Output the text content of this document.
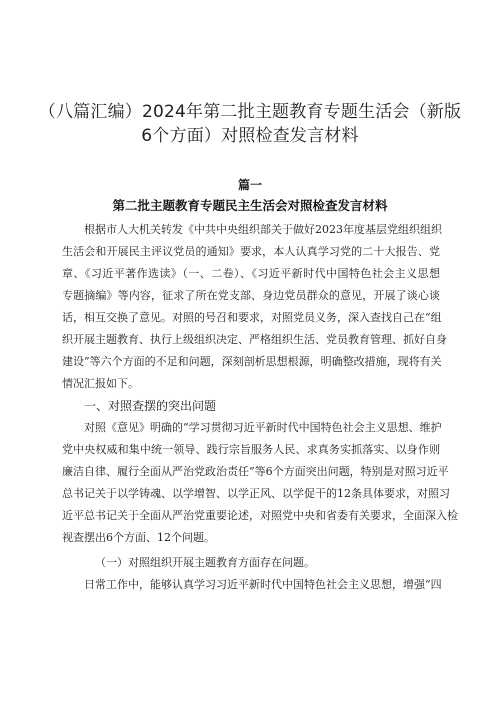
（八篇汇编）2024年第二批主题教育专题生活会（新版
6个方面）对照检查发言材料
篇一
第二批主题教育专题民主生活会对照检查发言材料
根据市人大机关转发《中共中央组织部关于做好2023年度基层党组织组织
生活会和开展民主评议党员的通知》要求，本人认真学习党的二十大报告、党
章、《习近平著作选读》（一、二卷）、《习近平新时代中国特色社会主义思想
专题摘编》等内容，征求了所在党支部、身边党员群众的意见，开展了谈心谈
话，相互交换了意见。对照的号召和要求，对照党员义务，深入查找自己在“组
织开展主题教育、执行上级组织决定、严格组织生活、党员教育管理、抓好自身
建设”等六个方面的不足和问题，深刻剖析思想根源，明确整改措施，现将有关
情况汇报如下。
一、对照查摆的突出问题
对照《意见》明确的“学习贯彻习近平新时代中国特色社会主义思想、维护
党中央权威和集中统一领导、践行宗旨服务人民、求真务实抓落实、以身作则
廉洁自律、履行全面从严治党政治责任”等6个方面突出问题，特别是对照习近平
总书记关于以学铸魂、以学增智、以学正风、以学促干的12条具体要求，对照习
近平总书记关于全面从严治党重要论述，对照党中央和省委有关要求，全面深入检
视查摆出6个方面、12个问题。
（一）对照组织开展主题教育方面存在问题。
日常工作中，能够认真学习习近平新时代中国特色社会主义思想，增强“四
